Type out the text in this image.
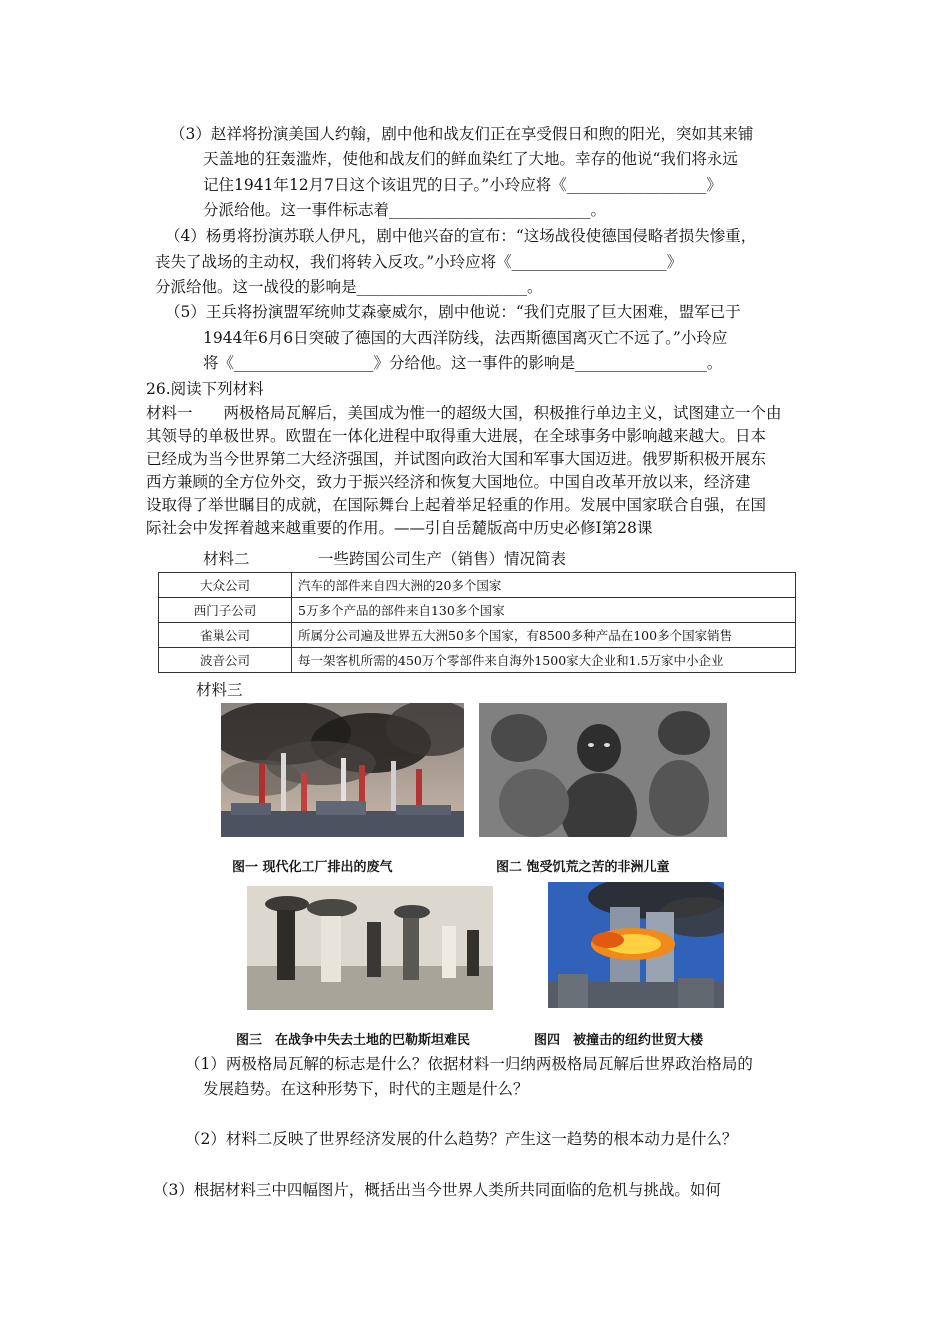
（3）赵祥将扮演美国人约翰，剧中他和战友们正在享受假日和煦的阳光，突如其来铺
天盖地的狂轰滥炸，使他和战友们的鲜血染红了大地。幸存的他说“我们将永远
记住1941年12月7日这个该诅咒的日子。”小玲应将《__________________》
分派给他。这一事件标志着__________________________。
（4）杨勇将扮演苏联人伊凡，剧中他兴奋的宣布：“这场战役使德国侵略者损失惨重，
丧失了战场的主动权，我们将转入反攻。”小玲应将《____________________》
分派给他。这一战役的影响是______________________。
（5）王兵将扮演盟军统帅艾森豪威尔，剧中他说：“我们克服了巨大困难，盟军已于
1944年6月6日突破了德国的大西洋防线，法西斯德国离灭亡不远了。”小玲应
将《__________________》分给他。这一事件的影响是_________________。
26.阅读下列材料
材料一　　两极格局瓦解后，美国成为惟一的超级大国，积极推行单边主义，试图建立一个由
其领导的单极世界。欧盟在一体化进程中取得重大进展，在全球事务中影响越来越大。日本
已经成为当今世界第二大经济强国，并试图向政治大国和军事大国迈进。俄罗斯积极开展东
西方兼顾的全方位外交，致力于振兴经济和恢复大国地位。中国自改革开放以来，经济建
设取得了举世瞩目的成就，在国际舞台上起着举足轻重的作用。发展中国家联合自强，在国
际社会中发挥着越来越重要的作用。——引自岳麓版高中历史必修Ⅰ第28课
材料二	一些跨国公司生产（销售）情况简表
大众公司	汽车的部件来自四大洲的20多个国家
西门子公司	5万多个产品的部件来自130多个国家
雀巢公司	所属分公司遍及世界五大洲50多个国家，有8500多种产品在100多个国家销售
波音公司	每一架客机所需的450万个零部件来自海外1500家大企业和1.5万家中小企业
材料三
图一 现代化工厂排出的废气	图二 饱受饥荒之苦的非洲儿童
图三　在战争中失去土地的巴勒斯坦难民	图四　被撞击的纽约世贸大楼
（1）两极格局瓦解的标志是什么？依据材料一归纳两极格局瓦解后世界政治格局的
发展趋势。在这种形势下，时代的主题是什么？
（2）材料二反映了世界经济发展的什么趋势？产生这一趋势的根本动力是什么？
（3）根据材料三中四幅图片，概括出当今世界人类所共同面临的危机与挑战。如何
